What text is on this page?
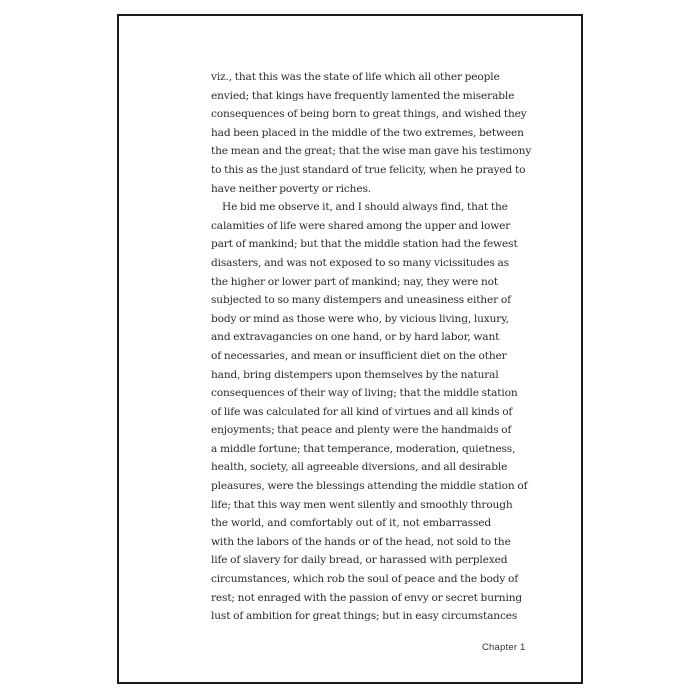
viz., that this was the state of life which all other people
envied; that kings have frequently lamented the miserable
consequences of being born to great things, and wished they
had been placed in the middle of the two extremes, between
the mean and the great; that the wise man gave his testimony
to this as the just standard of true felicity, when he prayed to
have neither poverty or riches.
He bid me observe it, and I should always find, that the
calamities of life were shared among the upper and lower
part of mankind; but that the middle station had the fewest
disasters, and was not exposed to so many vicissitudes as
the higher or lower part of mankind; nay, they were not
subjected to so many distempers and uneasiness either of
body or mind as those were who, by vicious living, luxury,
and extravagancies on one hand, or by hard labor, want
of necessaries, and mean or insufficient diet on the other
hand, bring distempers upon themselves by the natural
consequences of their way of living; that the middle station
of life was calculated for all kind of virtues and all kinds of
enjoyments; that peace and plenty were the handmaids of
a middle fortune; that temperance, moderation, quietness,
health, society, all agreeable diversions, and all desirable
pleasures, were the blessings attending the middle station of
life; that this way men went silently and smoothly through
the world, and comfortably out of it, not embarrassed
with the labors of the hands or of the head, not sold to the
life of slavery for daily bread, or harassed with perplexed
circumstances, which rob the soul of peace and the body of
rest; not enraged with the passion of envy or secret burning
lust of ambition for great things; but in easy circumstances
Chapter 1
